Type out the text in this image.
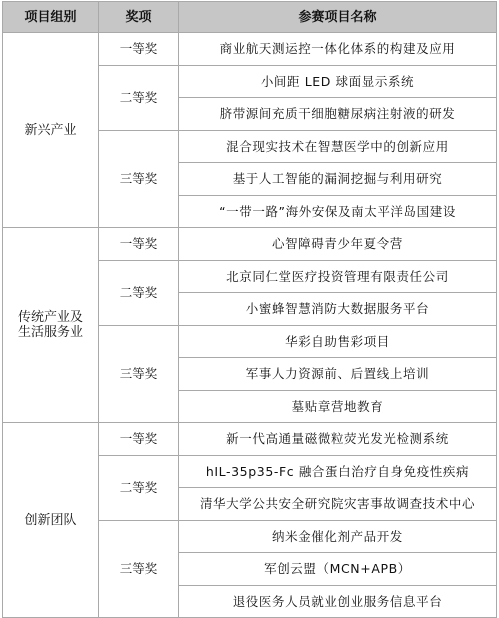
项目组别	奖项	参赛项目名称
新兴产业	一等奖	商业航天测运控一体化体系的构建及应用
	二等奖	小间距 LED 球面显示系统
		脐带源间充质干细胞糖尿病注射液的研发
	三等奖	混合现实技术在智慧医学中的创新应用
		基于人工智能的漏洞挖掘与利用研究
		“一带一路”海外安保及南太平洋岛国建设

传统产业及
生活服务业	一等奖	心智障碍青少年夏令营
	二等奖	北京同仁堂医疗投资管理有限责任公司
		小蜜蜂智慧消防大数据服务平台
	三等奖	华彩自助售彩项目
		军事人力资源前、后置线上培训
		墓贴章营地教育
创新团队	一等奖	新一代高通量磁微粒荧光发光检测系统
	二等奖	hIL-35p35-Fc 融合蛋白治疗自身免疫性疾病
		清华大学公共安全研究院灾害事故调查技术中心
	三等奖	纳米金催化剂产品开发
		军创云盟（MCN+APB）
		退役医务人员就业创业服务信息平台
